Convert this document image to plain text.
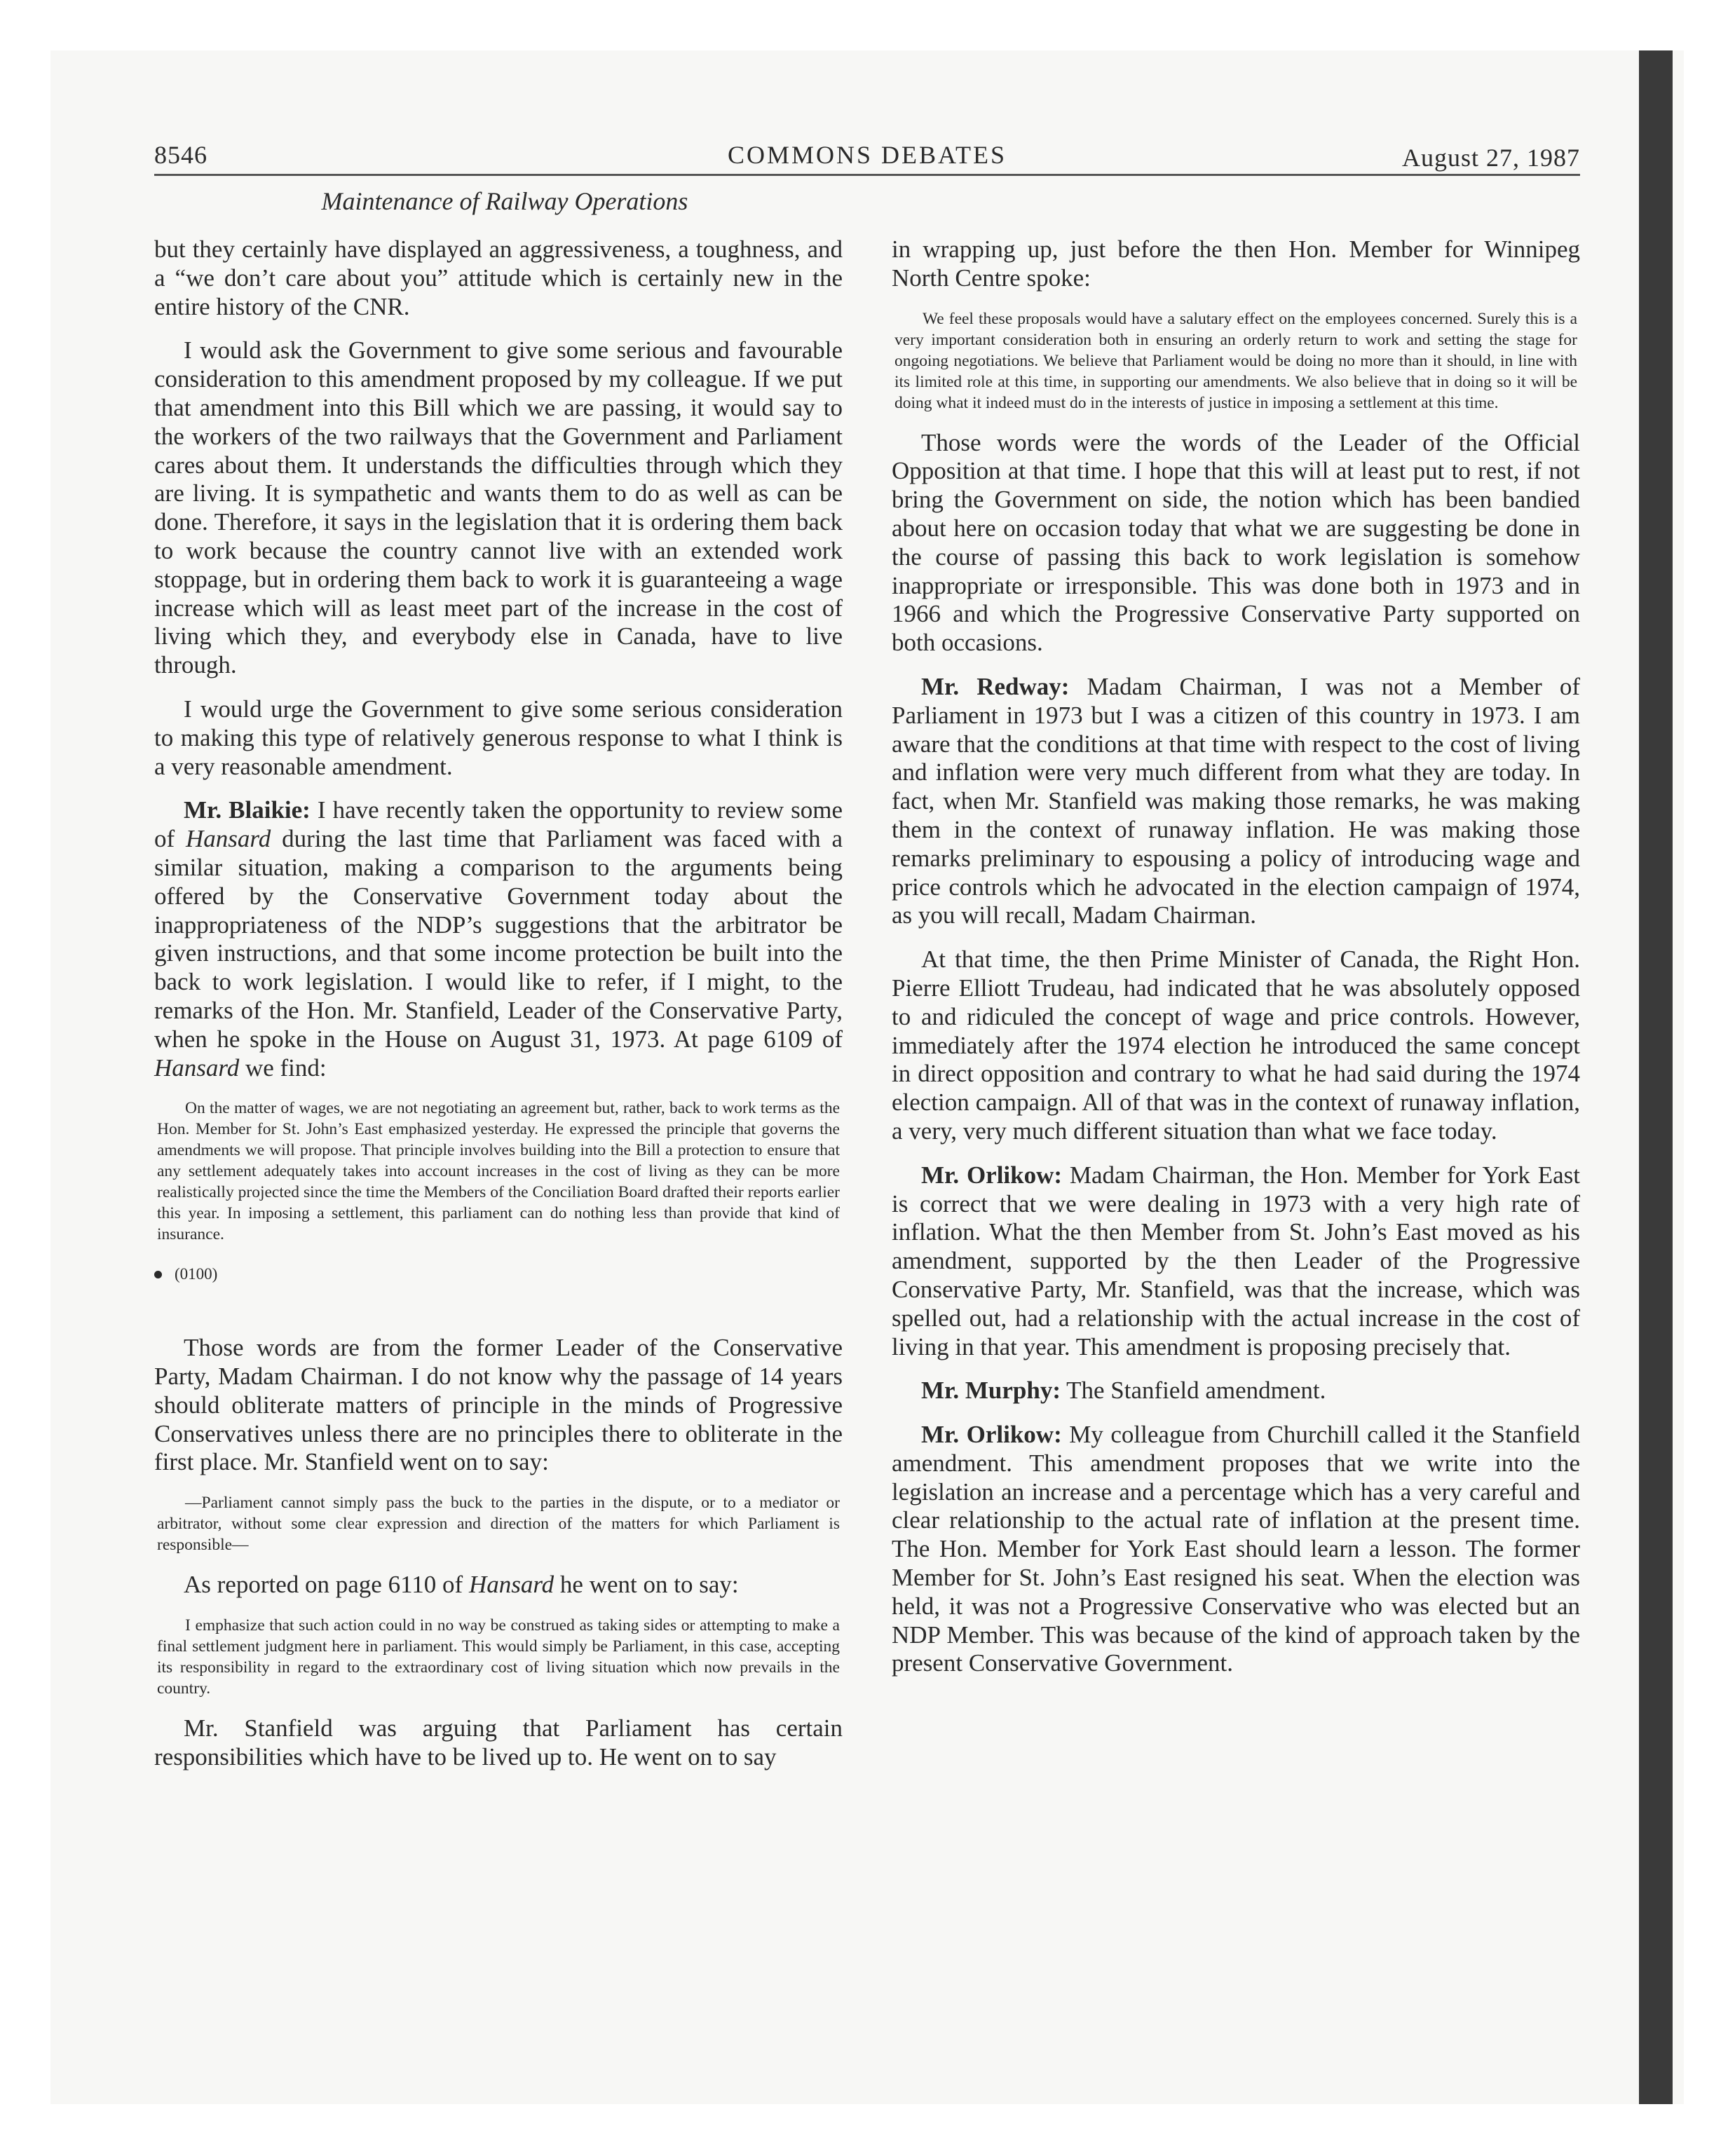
8546	COMMONS DEBATES	August 27, 1987
Maintenance of Railway Operations

but they certainly have displayed an aggressiveness, a toughness, and a “we don’t care about you” attitude which is certainly new in the entire history of the CNR.

I would ask the Government to give some serious and favourable consideration to this amendment proposed by my colleague. If we put that amendment into this Bill which we are passing, it would say to the workers of the two railways that the Government and Parliament cares about them. It understands the difficulties through which they are living. It is sympathetic and wants them to do as well as can be done. Therefore, it says in the legislation that it is ordering them back to work because the country cannot live with an extended work stoppage, but in ordering them back to work it is guaranteeing a wage increase which will as least meet part of the increase in the cost of living which they, and everybody else in Canada, have to live through.

I would urge the Government to give some serious consideration to making this type of relatively generous response to what I think is a very reasonable amendment.

Mr. Blaikie: I have recently taken the opportunity to review some of Hansard during the last time that Parliament was faced with a similar situation, making a comparison to the arguments being offered by the Conservative Government today about the inappropriateness of the NDP’s suggestions that the arbitrator be given instructions, and that some income protection be built into the back to work legislation. I would like to refer, if I might, to the remarks of the Hon. Mr. Stanfield, Leader of the Conservative Party, when he spoke in the House on August 31, 1973. At page 6109 of Hansard we find:

On the matter of wages, we are not negotiating an agreement but, rather, back to work terms as the Hon. Member for St. John’s East emphasized yesterday. He expressed the principle that governs the amendments we will propose. That principle involves building into the Bill a protection to ensure that any settlement adequately takes into account increases in the cost of living as they can be more realistically projected since the time the Members of the Conciliation Board drafted their reports earlier this year. In imposing a settlement, this parliament can do nothing less than provide that kind of insurance.
(0100)

Those words are from the former Leader of the Conservative Party, Madam Chairman. I do not know why the passage of 14 years should obliterate matters of principle in the minds of Progressive Conservatives unless there are no principles there to obliterate in the first place. Mr. Stanfield went on to say:

—Parliament cannot simply pass the buck to the parties in the dispute, or to a mediator or arbitrator, without some clear expression and direction of the matters for which Parliament is responsible—

As reported on page 6110 of Hansard he went on to say:

I emphasize that such action could in no way be construed as taking sides or attempting to make a final settlement judgment here in parliament. This would simply be Parliament, in this case, accepting its responsibility in regard to the extraordinary cost of living situation which now prevails in the country.

Mr. Stanfield was arguing that Parliament has certain responsibilities which have to be lived up to. He went on to say

in wrapping up, just before the then Hon. Member for Winnipeg North Centre spoke:

We feel these proposals would have a salutary effect on the employees concerned. Surely this is a very important consideration both in ensuring an orderly return to work and setting the stage for ongoing negotiations. We believe that Parliament would be doing no more than it should, in line with its limited role at this time, in supporting our amendments. We also believe that in doing so it will be doing what it indeed must do in the interests of justice in imposing a settlement at this time.

Those words were the words of the Leader of the Official Opposition at that time. I hope that this will at least put to rest, if not bring the Government on side, the notion which has been bandied about here on occasion today that what we are suggesting be done in the course of passing this back to work legislation is somehow inappropriate or irresponsible. This was done both in 1973 and in 1966 and which the Progressive Conservative Party supported on both occasions.

Mr. Redway: Madam Chairman, I was not a Member of Parliament in 1973 but I was a citizen of this country in 1973. I am aware that the conditions at that time with respect to the cost of living and inflation were very much different from what they are today. In fact, when Mr. Stanfield was making those remarks, he was making them in the context of runaway inflation. He was making those remarks preliminary to espousing a policy of introducing wage and price controls which he advocated in the election campaign of 1974, as you will recall, Madam Chairman.

At that time, the then Prime Minister of Canada, the Right Hon. Pierre Elliott Trudeau, had indicated that he was absolutely opposed to and ridiculed the concept of wage and price controls. However, immediately after the 1974 election he introduced the same concept in direct opposition and contrary to what he had said during the 1974 election campaign. All of that was in the context of runaway inflation, a very, very much different situation than what we face today.

Mr. Orlikow: Madam Chairman, the Hon. Member for York East is correct that we were dealing in 1973 with a very high rate of inflation. What the then Member from St. John’s East moved as his amendment, supported by the then Leader of the Progressive Conservative Party, Mr. Stanfield, was that the increase, which was spelled out, had a relationship with the actual increase in the cost of living in that year. This amendment is proposing precisely that.

Mr. Murphy: The Stanfield amendment.

Mr. Orlikow: My colleague from Churchill called it the Stanfield amendment. This amendment proposes that we write into the legislation an increase and a percentage which has a very careful and clear relationship to the actual rate of inflation at the present time. The Hon. Member for York East should learn a lesson. The former Member for St. John’s East resigned his seat. When the election was held, it was not a Progressive Conservative who was elected but an NDP Member. This was because of the kind of approach taken by the present Conservative Government.
